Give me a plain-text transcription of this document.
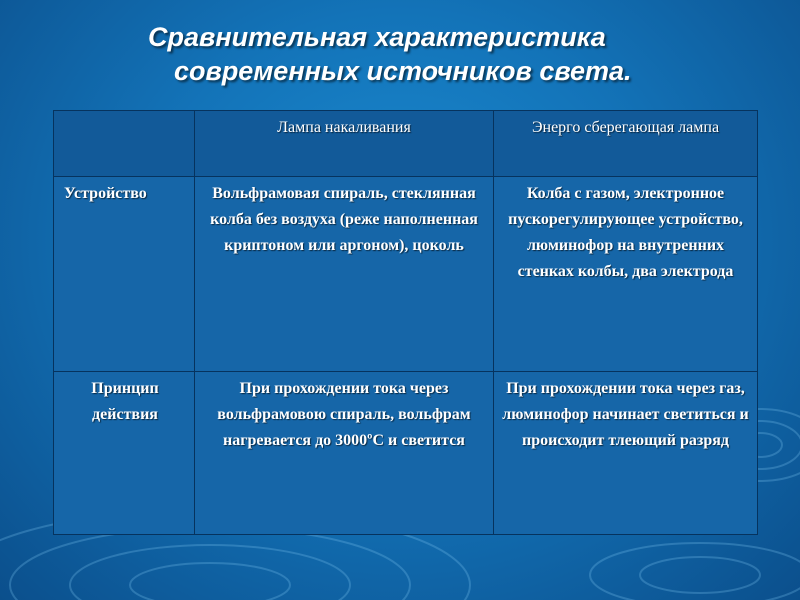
Сравнительная характеристика
современных источников света.
	Лампа накаливания	Энерго сберегающая лампа
Устройство	Вольфрамовая спираль, стеклянная колба без воздуха (реже наполненная криптоном или аргоном), цоколь	Колба с газом, электронное пускорегулирующее устройство, люминофор на внутренних стенках колбы, два электрода
Принцип действия	При прохождении тока через вольфрамовою спираль, вольфрам нагревается до 3000ºС и светится	При прохождении тока через газ, люминофор начинает светиться и происходит тлеющий разряд
